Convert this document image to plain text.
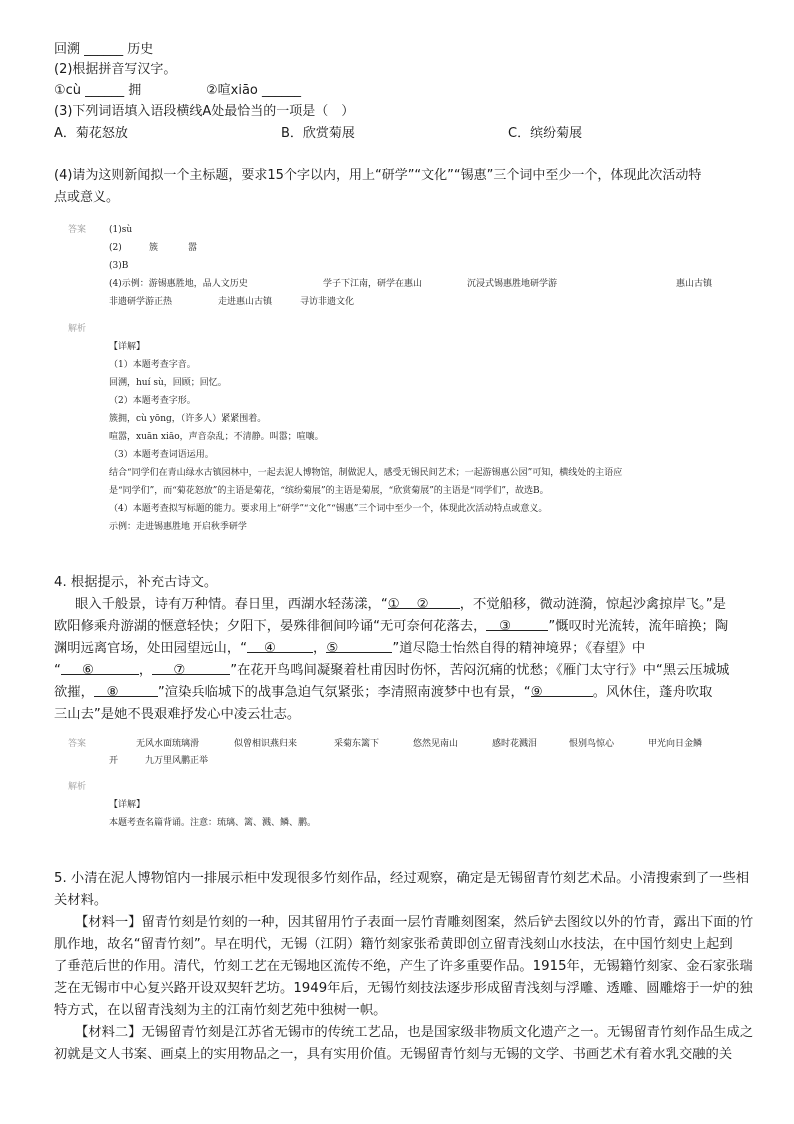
回溯 ______ 历史
(2)根据拼音写汉字。
①cù ______ 拥	②喧xiāo ______
(3)下列词语填入语段横线A处最恰当的一项是（　）
A．菊花怒放	B．欣赏菊展	C．缤纷菊展
(4)请为这则新闻拟一个主标题，要求15个字以内，用上“研学”“文化”“锡惠”三个词中至少一个，体现此次活动特
点或意义。
答案	(1)sù
(2)	簇	嚣
(3)B
(4)示例：游锡惠胜地，品人文历史	学子下江南，研学在惠山	沉浸式锡惠胜地研学游	惠山古镇
非遗研学游正热	走进惠山古镇	寻访非遗文化
解析
【详解】
（1）本题考查字音。
回溯，huí sù，回顾；回忆。
（2）本题考查字形。
簇拥，cù yōng，（许多人）紧紧围着。
喧嚣，xuān xiāo，声音杂乱；不清静。叫嚣；喧嚷。
（3）本题考查词语运用。
结合“同学们在青山绿水古镇园林中，一起去泥人博物馆，制做泥人，感受无锡民间艺术；一起游锡惠公园”可知，横线处的主语应
是“同学们”，而“菊花怒放”的主语是菊花，“缤纷菊展”的主语是菊展，“欣赏菊展”的主语是“同学们”，故选B。
（4）本题考查拟写标题的能力。要求用上“研学”“文化”“锡惠”三个词中至少一个，体现此次活动特点或意义。
示例：走进锡惠胜地 开启秋季研学
4. 根据提示，补充古诗文。
眼入千般景，诗有万种情。春日里，西湖水轻荡漾，“① ② ，不觉船移，微动涟漪，惊起沙禽掠岸飞。”是
欧阳修乘舟游湖的惬意轻快；夕阳下，晏殊徘徊间吟诵“无可奈何花落去， ③	”慨叹时光流转，流年暗换；陶
渊明远离官场，处田园望远山，“ ④	，⑤	”道尽隐士怡然自得的精神境界；《春望》中
“ ⑥	， ⑦	”在花开鸟鸣间凝聚着杜甫因时伤怀，苦闷沉痛的忧愁；《雁门太守行》中“黑云压城城
欲摧， ⑧	”渲染兵临城下的战事急迫气氛紧张；李清照南渡梦中也有景，“⑨	。风休住，蓬舟吹取
三山去”是她不畏艰难抒发心中凌云壮志。
答案	无风水面琉璃滑	似曾相识燕归来	采菊东篱下	悠然见南山	感时花溅泪	恨别鸟惊心	甲光向日金鳞
开	九万里风鹏正举
解析
【详解】
本题考查名篇背诵。注意：琉璃、篱、溅、鳞、鹏。
5. 小清在泥人博物馆内一排展示柜中发现很多竹刻作品，经过观察，确定是无锡留青竹刻艺术品。小清搜索到了一些相
关材料。
【材料一】留青竹刻是竹刻的一种，因其留用竹子表面一层竹青雕刻图案，然后铲去图纹以外的竹青，露出下面的竹
肌作地，故名“留青竹刻”。早在明代，无锡（江阴）籍竹刻家张希黄即创立留青浅刻山水技法，在中国竹刻史上起到
了垂范后世的作用。清代，竹刻工艺在无锡地区流传不绝，产生了许多重要作品。1915年，无锡籍竹刻家、金石家张瑞
芝在无锡市中心复兴路开设双契轩艺坊。1949年后，无锡竹刻技法逐步形成留青浅刻与浮雕、透雕、圆雕熔于一炉的独
特方式，在以留青浅刻为主的江南竹刻艺苑中独树一帜。
【材料二】无锡留青竹刻是江苏省无锡市的传统工艺品，也是国家级非物质文化遗产之一。无锡留青竹刻作品生成之
初就是文人书案、画桌上的实用物品之一，具有实用价值。无锡留青竹刻与无锡的文学、书画艺术有着水乳交融的关
